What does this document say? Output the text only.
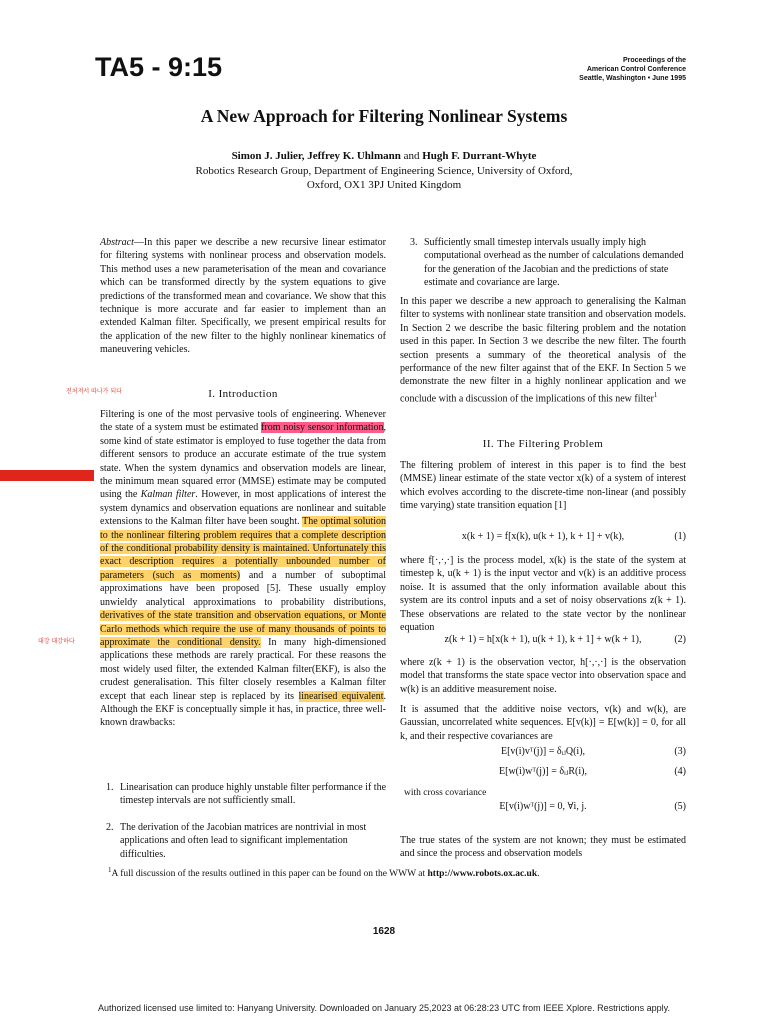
TA5 - 9:15	Proceedings of the
American Control Conference
Seattle, Washington • June 1995
A New Approach for Filtering Nonlinear Systems
Simon J. Julier, Jeffrey K. Uhlmann and Hugh F. Durrant-Whyte
Robotics Research Group, Department of Engineering Science, University of Oxford,
Oxford, OX1 3PJ United Kingdom
Abstract—In this paper we describe a new recursive linear estimator for filtering systems with nonlinear process and observation models. This method uses a new parameterisation of the mean and covariance which can be transformed directly by the system equations to give predictions of the transformed mean and covariance. We show that this technique is more accurate and far easier to implement than an extended Kalman filter. Specifically, we present empirical results for the application of the new filter to the highly nonlinear kinematics of maneuvering vehicles.
전처져서 따나가 되다
대강 대강하다
I. Introduction
Filtering is one of the most pervasive tools of engineering. Whenever the state of a system must be estimated from noisy sensor information, some kind of state estimator is employed to fuse together the data from different sensors to produce an accurate estimate of the true system state. When the system dynamics and observation models are linear, the minimum mean squared error (MMSE) estimate may be computed using the Kalman filter. However, in most applications of interest the system dynamics and observation equations are nonlinear and suitable extensions to the Kalman filter have been sought. The optimal solution to the nonlinear filtering problem requires that a complete description of the conditional probability density is maintained. Unfortunately this exact description requires a potentially unbounded number of parameters (such as moments) and a number of suboptimal approximations have been proposed [5]. These usually employ unwieldy analytical approximations to probability distributions, derivatives of the state transition and observation equations, or Monte Carlo methods which require the use of many thousands of points to approximate the conditional density. In many high-dimensioned applications these methods are rarely practical. For these reasons the most widely used filter, the extended Kalman filter(EKF), is also the crudest generalisation. This filter closely resembles a Kalman filter except that each linear step is replaced by its linearised equivalent. Although the EKF is conceptually simple it has, in practice, three well-known drawbacks:
1. Linearisation can produce highly unstable filter performance if the timestep intervals are not sufficiently small.
2. The derivation of the Jacobian matrices are nontrivial in most applications and often lead to significant implementation difficulties.
3. Sufficiently small timestep intervals usually imply high computational overhead as the number of calculations demanded for the generation of the Jacobian and the predictions of state estimate and covariance are large.
In this paper we describe a new approach to generalising the Kalman filter to systems with nonlinear state transition and observation models. In Section 2 we describe the basic filtering problem and the notation used in this paper. In Section 3 we describe the new filter. The fourth section presents a summary of the theoretical analysis of the performance of the new filter against that of the EKF. In Section 5 we demonstrate the new filter in a highly nonlinear application and we conclude with a discussion of the implications of this new filter$^1$
II. The Filtering Problem
The filtering problem of interest in this paper is to find the best (MMSE) linear estimate of the state vector x(k) of a system of interest which evolves according to the discrete-time non-linear (and possibly time varying) state transition equation [1]
x(k + 1) = f[x(k), u(k + 1), k + 1] + v(k),	(1)
where f[·,·,·] is the process model, x(k) is the state of the system at timestep k, u(k + 1) is the input vector and v(k) is an additive process noise. It is assumed that the only information available about this system are its control inputs and a set of noisy observations z(k + 1). These observations are related to the state vector by the nonlinear equation
z(k + 1) = h[x(k + 1), u(k + 1), k + 1] + w(k + 1),	(2)
where z(k + 1) is the observation vector, h[·,·,·] is the observation model that transforms the state space vector into observation space and w(k) is an additive measurement noise.
It is assumed that the additive noise vectors, v(k) and w(k), are Gaussian, uncorrelated white sequences. E[v(k)] = E[w(k)] = 0, for all k, and their respective covariances are
E[v(i)vᵀ(j)] = δᵢⱼQ(i),	(3)
E[w(i)wᵀ(j)] = δᵢⱼR(i),	(4)
with cross covariance
E[v(i)wᵀ(j)] = 0, ∀i, j.	(5)
The true states of the system are not known; they must be estimated and since the process and observation models
$^1$A full discussion of the results outlined in this paper can be found on the WWW at http://www.robots.ox.ac.uk.
1628
Authorized licensed use limited to: Hanyang University. Downloaded on January 25,2023 at 06:28:23 UTC from IEEE Xplore. Restrictions apply.
